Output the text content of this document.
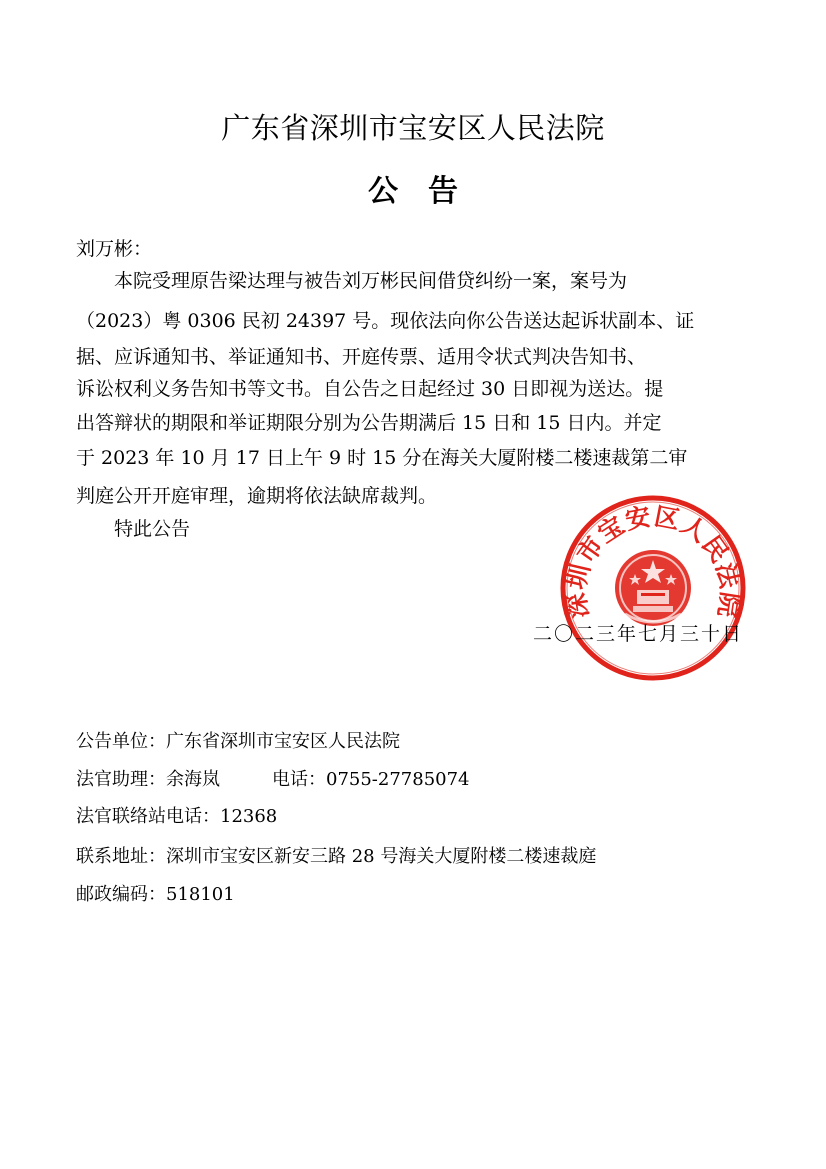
广东省深圳市宝安区人民法院
公　告
刘万彬：
　　本院受理原告梁达理与被告刘万彬民间借贷纠纷一案，案号为
（2023）粤 0306 民初 24397 号。现依法向你公告送达起诉状副本、证
据、应诉通知书、举证通知书、开庭传票、适用令状式判决告知书、
诉讼权利义务告知书等文书。自公告之日起经过 30 日即视为送达。提
出答辩状的期限和举证期限分别为公告期满后 15 日和 15 日内。并定
于 2023 年 10 月 17 日上午 9 时 15 分在海关大厦附楼二楼速裁第二审
判庭公开开庭审理，逾期将依法缺席裁判。
　　特此公告
深圳市宝安区人民法院
二〇二三年七月三十日
公告单位：广东省深圳市宝安区人民法院
法官助理：余海岚	电话：0755-27785074
法官联络站电话：12368
联系地址：深圳市宝安区新安三路 28 号海关大厦附楼二楼速裁庭
邮政编码：518101
